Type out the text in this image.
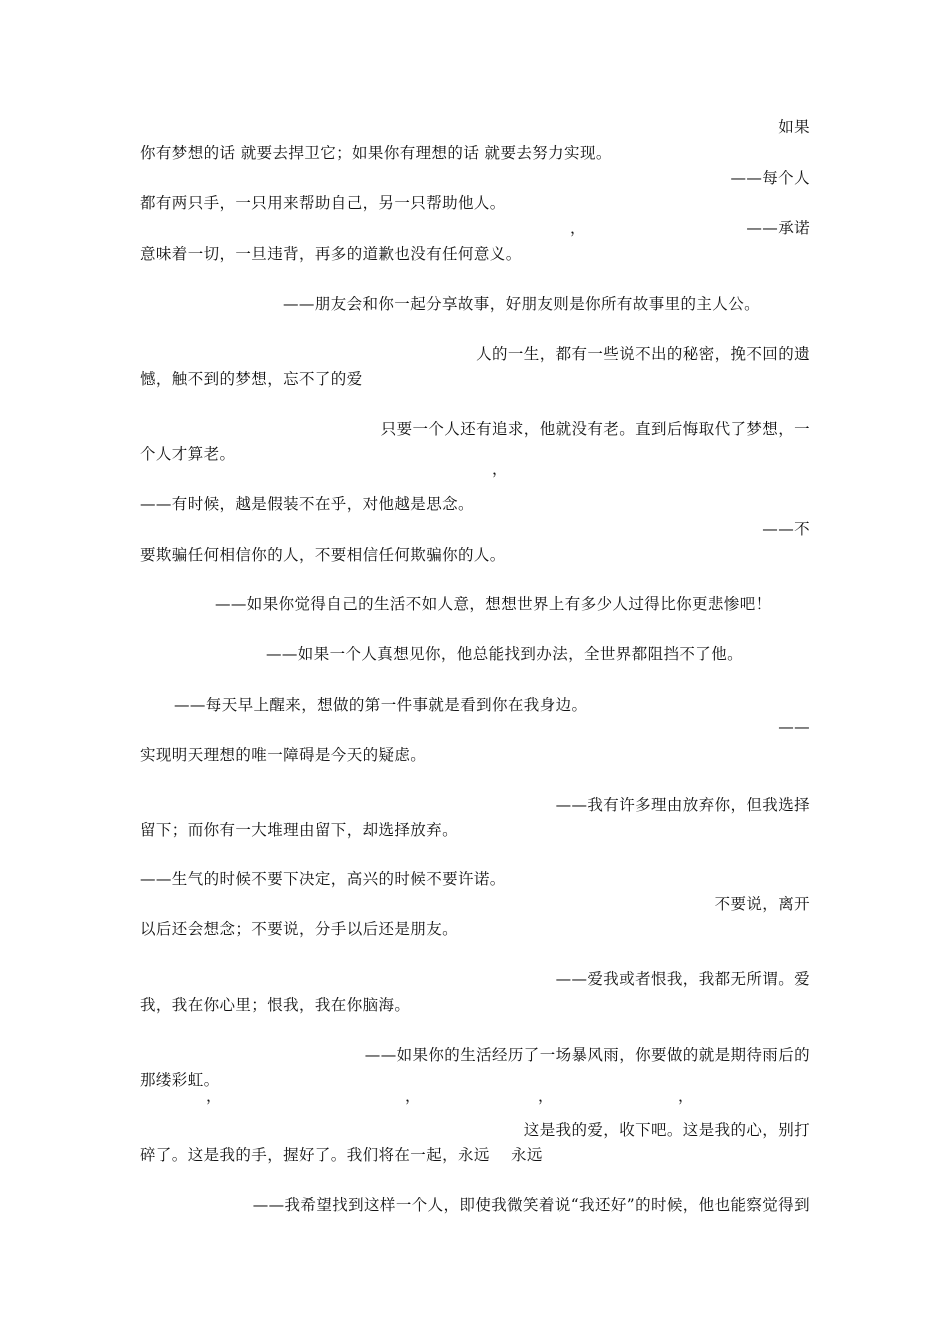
如果
你有梦想的话 就要去捍卫它；如果你有理想的话 就要去努力实现。
——每个人
都有两只手，一只用来帮助自己，另一只帮助他人。
，	——承诺
意味着一切，一旦违背，再多的道歉也没有任何意义。
——朋友会和你一起分享故事，好朋友则是你所有故事里的主人公。
人的一生，都有一些说不出的秘密，挽不回的遗
憾，触不到的梦想，忘不了的爱
只要一个人还有追求，他就没有老。直到后悔取代了梦想，一
个人才算老。
，
——有时候，越是假装不在乎，对他越是思念。
——不
要欺骗任何相信你的人，不要相信任何欺骗你的人。
——如果你觉得自己的生活不如人意，想想世界上有多少人过得比你更悲惨吧！
——如果一个人真想见你，他总能找到办法，全世界都阻挡不了他。
——每天早上醒来，想做的第一件事就是看到你在我身边。
——
实现明天理想的唯一障碍是今天的疑虑。
——我有许多理由放弃你，但我选择
留下；而你有一大堆理由留下，却选择放弃。
——生气的时候不要下决定，高兴的时候不要许诺。
不要说，离开
以后还会想念；不要说，分手以后还是朋友。
——爱我或者恨我，我都无所谓。爱
我，我在你心里；恨我，我在你脑海。
——如果你的生活经历了一场暴风雨，你要做的就是期待雨后的
那缕彩虹。
，	，	，	，
这是我的爱，收下吧。这是我的心，别打
碎了。这是我的手，握好了。我们将在一起，永远　 永远
——我希望找到这样一个人，即使我微笑着说“我还好”的时候，他也能察觉得到
